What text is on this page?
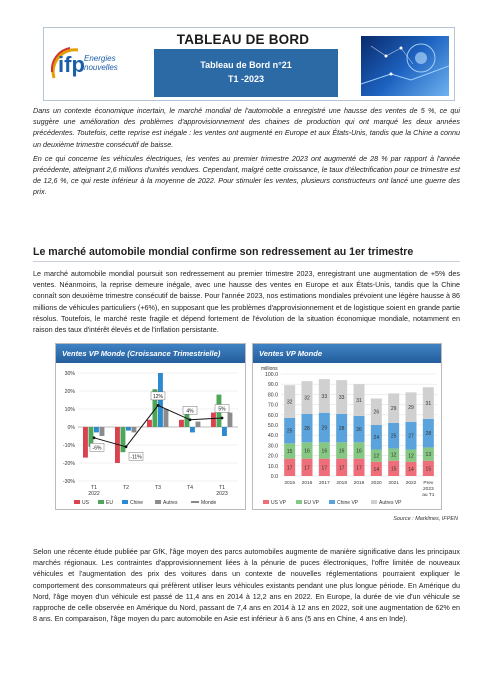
ifp Energies
nouvelles
TABLEAU DE BORD
Tableau de Bord n°21
T1 -2023

Dans un contexte économique incertain, le marché mondial de l'automobile a enregistré une hausse des ventes de 5 %, ce qui suggère une amélioration des problèmes d'approvisionnement des chaines de production qui ont marqué les deux années précédentes. Toutefois, cette reprise est inégale : les ventes ont augmenté en Europe et aux États-Unis, tandis que la Chine a connu un deuxième trimestre consécutif de baisse.

En ce qui concerne les véhicules électriques, les ventes au premier trimestre 2023 ont augmenté de 28 % par rapport à l'année précédente, atteignant 2,6 millions d'unités vendues. Cependant, malgré cette croissance, le taux d'électrification pour ce trimestre est de 12,6 %, ce qui reste inférieur à la moyenne de 2022. Pour stimuler les ventes, plusieurs constructeurs ont lancé une guerre des prix.

Le marché automobile mondial confirme son redressement au 1er trimestre
Le marché automobile mondial poursuit son redressement au premier trimestre 2023, enregistrant une augmentation de +5% des ventes. Néanmoins, la reprise demeure inégale, avec une hausse des ventes en Europe et aux États-Unis, tandis que la Chine connaît son deuxième trimestre consécutif de baisse. Pour l'année 2023, nos estimations mondiales prévoient une légère hausse à 86 millions de véhicules particuliers (+6%), en supposant que les problèmes d'approvisionnement et de logistique soient en grande partie résolus. Toutefois, le marché reste fragile et dépend fortement de l'évolution de la situation économique mondiale, notamment en raison des taux d'intérêt élevés et de l'inflation persistante.
Ventes VP Monde (Croissance Trimestrielle)
30%
20%
10%
0%
-10%
-20%
-30%
T1
2022
T2	T3	T4	T1
2023
-6%
-11%
12%
4%	5%
US	EU	Chine	Autres	Monde
Ventes VP Monde
millions
100.0
90.0
80.0
70.0
60.0
50.0
40.0
30.0
20.0
10.0
0.0
17
15
25
32
2015
17
16
28
32
2016
17
16
29
33
2017
17
16
28
33
2018
17
16
26
31
2019
14
12
24
26
2020
15
12
25
29
2021
14
12
27
29
2022
15
13
28
31
Prev
2023
au T1
US VP	EU VP	Chine VP	Autres VP
Source : Marklines, IFPEN
Selon une récente étude publiée par GfK, l'âge moyen des parcs automobiles augmente de manière significative dans les principaux marchés régionaux. Les contraintes d'approvisionnement liées à la pénurie de puces électroniques, l'offre limitée de nouveaux véhicules et l'augmentation des prix des voitures dans un contexte de nouvelles réglementations pourraient expliquer le comportement des consommateurs qui préfèrent utiliser leurs véhicules existants pendant une plus longue période. En Amérique du Nord, l'âge moyen d'un véhicule est passé de 11,4 ans en 2014 à 12,2 ans en 2022. En Europe, la durée de vie d'un véhicule se rapproche de celle observée en Amérique du Nord, passant de 7,4 ans en 2014 à 12 ans en 2022, soit une augmentation de 62% en 8 ans. En comparaison, l'âge moyen du parc automobile en Asie est inférieur à 6 ans (5 ans en Chine, 4 ans en Inde).
